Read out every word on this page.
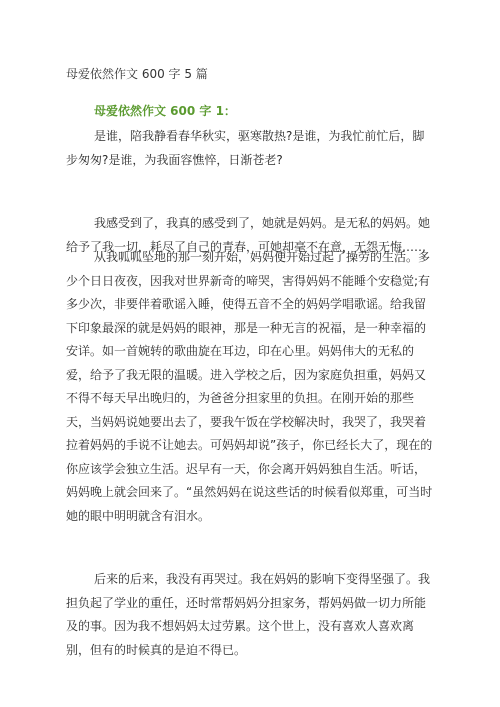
母爱依然作文 600 字 5 篇
母爱依然作文 600 字 1：

是谁，陪我静看春华秋实，驱寒散热?是谁，为我忙前忙后，脚步匆匆?是谁，为我面容憔悴，日渐苍老?

我感受到了，我真的感受到了，她就是妈妈。是无私的妈妈。她给予了我一切，耗尽了自己的青春，可她却毫不在意，无怨无悔……

从我呱呱坠地的那一刻开始，妈妈便开始过起了操劳的生活。多少个日日夜夜，因我对世界新奇的啼哭，害得妈妈不能睡个安稳觉;有多少次，非要伴着歌谣入睡，使得五音不全的妈妈学唱歌谣。给我留下印象最深的就是妈妈的眼神，那是一种无言的祝福，是一种幸福的安详。如一首婉转的歌曲旋在耳边，印在心里。妈妈伟大的无私的爱，给予了我无限的温暖。进入学校之后，因为家庭负担重，妈妈又不得不每天早出晚归的，为爸爸分担家里的负担。在刚开始的那些天，当妈妈说她要出去了，要我午饭在学校解决时，我哭了，我哭着拉着妈妈的手说不让她去。可妈妈却说”孩子，你已经长大了，现在的你应该学会独立生活。迟早有一天，你会离开妈妈独自生活。听话，妈妈晚上就会回来了。“虽然妈妈在说这些话的时候看似郑重，可当时她的眼中明明就含有泪水。

后来的后来，我没有再哭过。我在妈妈的影响下变得坚强了。我担负起了学业的重任，还时常帮妈妈分担家务，帮妈妈做一切力所能及的事。因为我不想妈妈太过劳累。这个世上，没有喜欢人喜欢离别，但有的时候真的是迫不得已。
